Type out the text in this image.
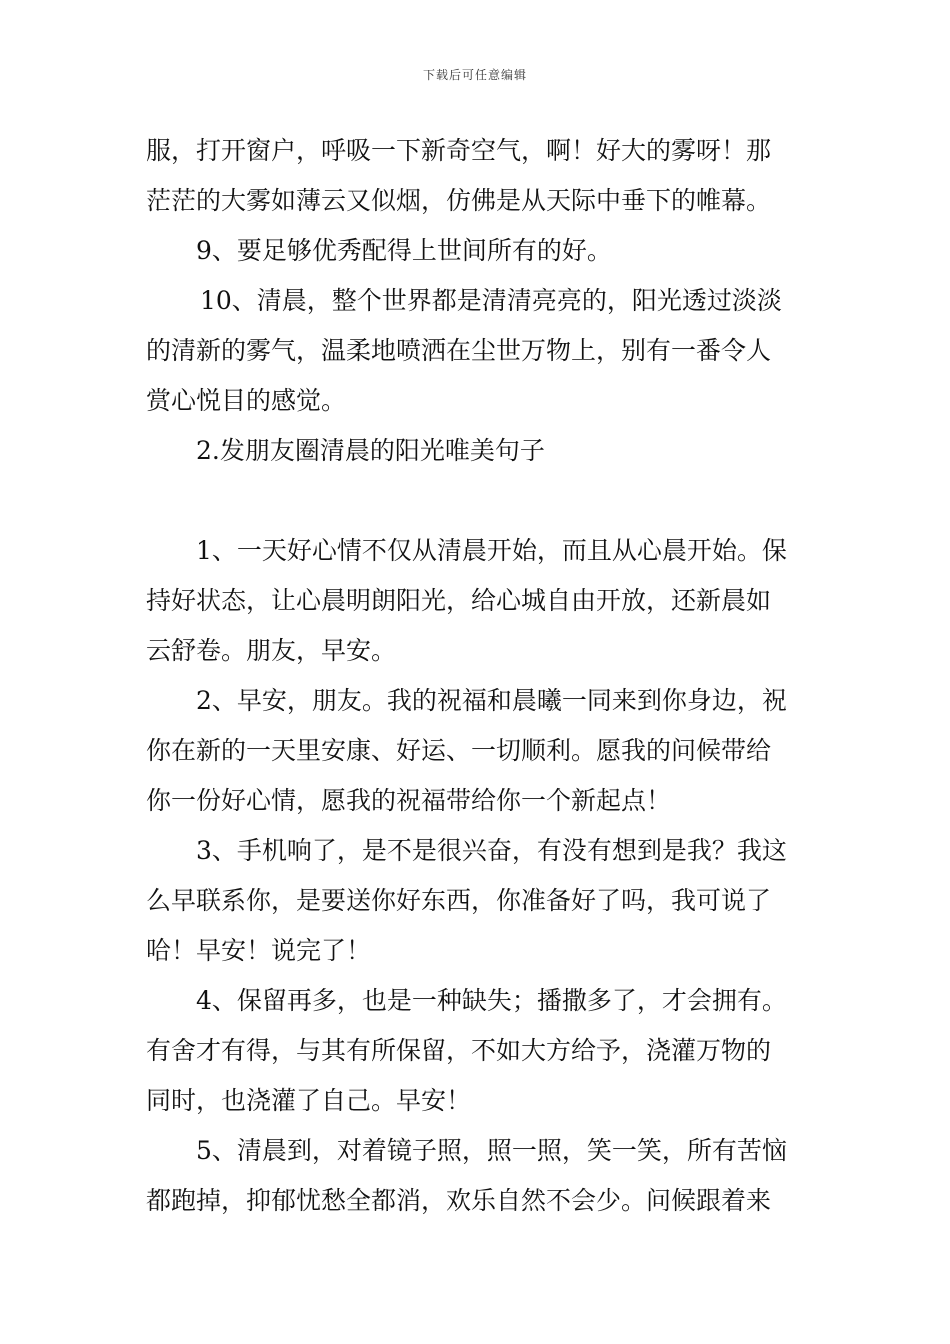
下载后可任意编辑

服，打开窗户，呼吸一下新奇空气，啊！好大的雾呀！那

茫茫的大雾如薄云又似烟，仿佛是从天际中垂下的帷幕。

9、要足够优秀配得上世间所有的好。

10、清晨，整个世界都是清清亮亮的，阳光透过淡淡

的清新的雾气，温柔地喷洒在尘世万物上，别有一番令人

赏心悦目的感觉。

2.发朋友圈清晨的阳光唯美句子

1、一天好心情不仅从清晨开始，而且从心晨开始。保

持好状态，让心晨明朗阳光，给心城自由开放，还新晨如

云舒卷。朋友，早安。

2、早安，朋友。我的祝福和晨曦一同来到你身边，祝

你在新的一天里安康、好运、一切顺利。愿我的问候带给

你一份好心情，愿我的祝福带给你一个新起点！

3、手机响了，是不是很兴奋，有没有想到是我？我这

么早联系你，是要送你好东西，你准备好了吗，我可说了

哈！早安！说完了！

4、保留再多，也是一种缺失；播撒多了，才会拥有。

有舍才有得，与其有所保留，不如大方给予，浇灌万物的

同时，也浇灌了自己。早安！

5、清晨到，对着镜子照，照一照，笑一笑，所有苦恼

都跑掉，抑郁忧愁全都消，欢乐自然不会少。问候跟着来
